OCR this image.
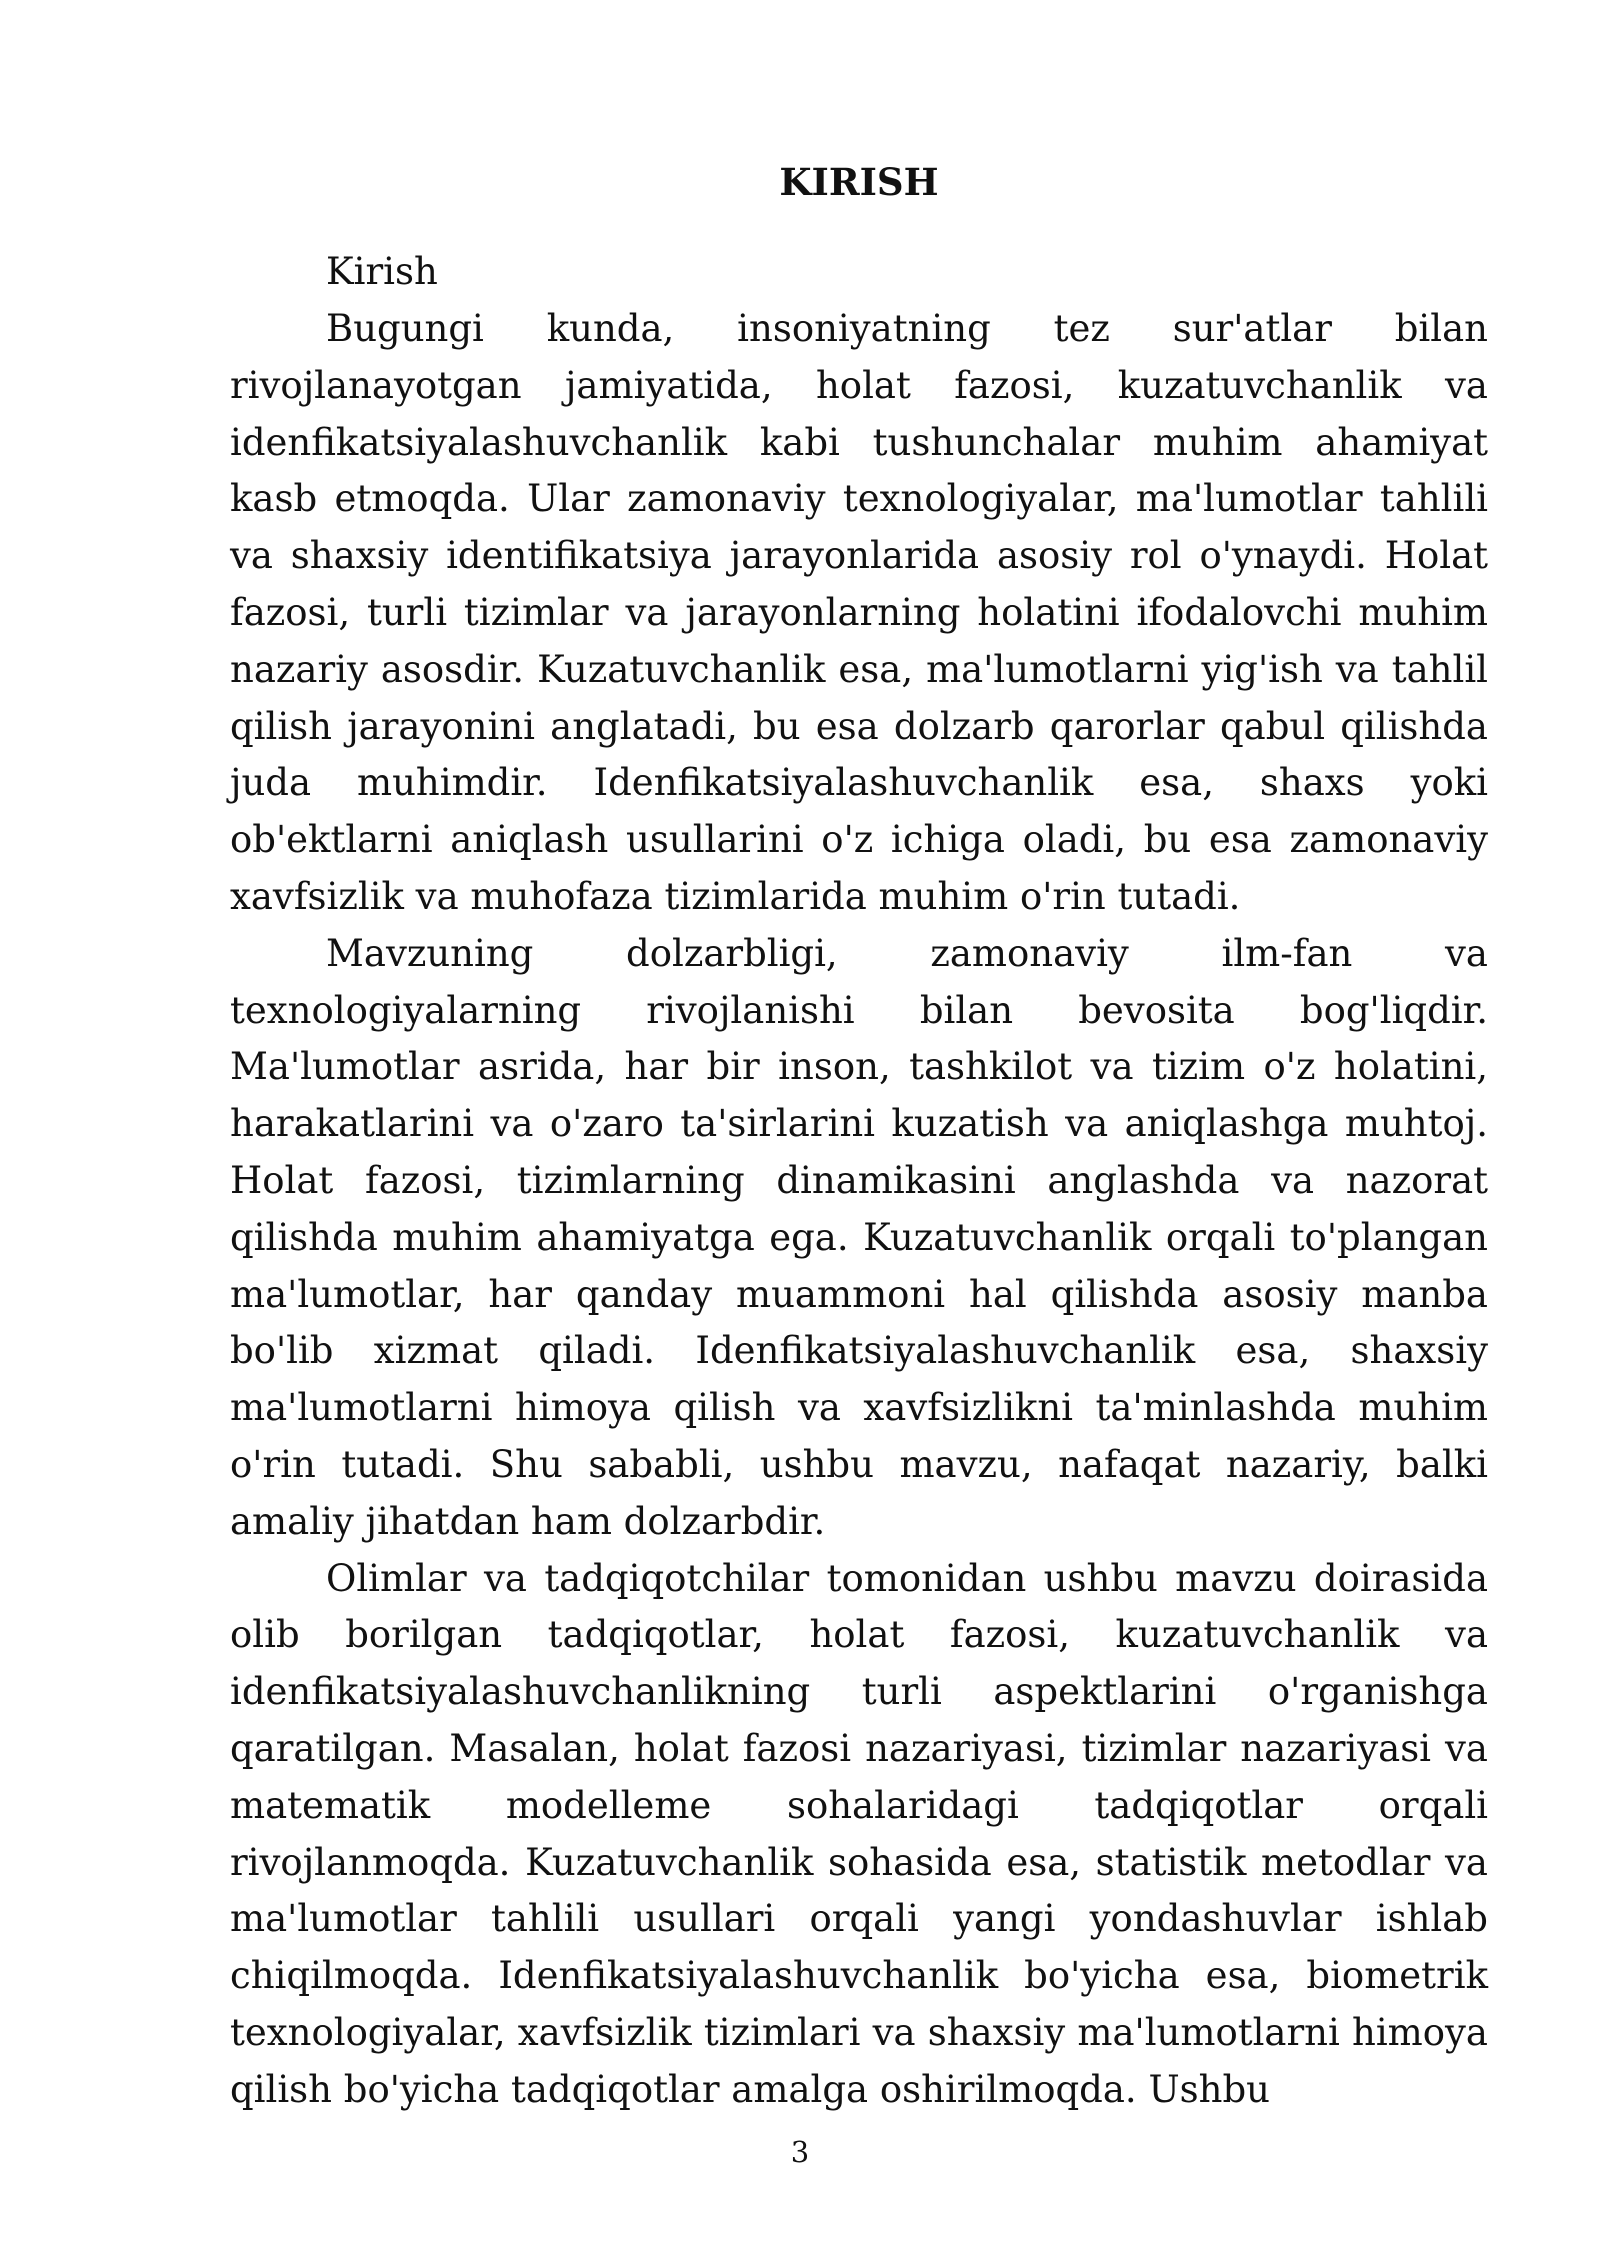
KIRISH
Kirish

Bugungi kunda, insoniyatning tez sur'atlar bilan rivojlanayotgan jamiyatida, holat fazosi, kuzatuvchanlik va idenfikatsiyalashuvchanlik kabi tushunchalar muhim ahamiyat kasb etmoqda. Ular zamonaviy texnologiyalar, ma'lumotlar tahlili va shaxsiy identifikatsiya jarayonlarida asosiy rol o'ynaydi. Holat fazosi, turli tizimlar va jarayonlarning holatini ifodalovchi muhim nazariy asosdir. Kuzatuvchanlik esa, ma'lumotlarni yig'ish va tahlil qilish jarayonini anglatadi, bu esa dolzarb qarorlar qabul qilishda juda muhimdir. Idenfikatsiyalashuvchanlik esa, shaxs yoki ob'ektlarni aniqlash usullarini o'z ichiga oladi, bu esa zamonaviy xavfsizlik va muhofaza tizimlarida muhim o'rin tutadi.

Mavzuning dolzarbligi, zamonaviy ilm-fan va texnologiyalarning rivojlanishi bilan bevosita bog'liqdir. Ma'lumotlar asrida, har bir inson, tashkilot va tizim o'z holatini, harakatlarini va o'zaro ta'sirlarini kuzatish va aniqlashga muhtoj. Holat fazosi, tizimlarning dinamikasini anglashda va nazorat qilishda muhim ahamiyatga ega. Kuzatuvchanlik orqali to'plangan ma'lumotlar, har qanday muammoni hal qilishda asosiy manba bo'lib xizmat qiladi. Idenfikatsiyalashuvchanlik esa, shaxsiy ma'lumotlarni himoya qilish va xavfsizlikni ta'minlashda muhim o'rin tutadi. Shu sababli, ushbu mavzu, nafaqat nazariy, balki amaliy jihatdan ham dolzarbdir.

Olimlar va tadqiqotchilar tomonidan ushbu mavzu doirasida olib borilgan tadqiqotlar, holat fazosi, kuzatuvchanlik va idenfikatsiyalashuvchanlikning turli aspektlarini o'rganishga qaratilgan. Masalan, holat fazosi nazariyasi, tizimlar nazariyasi va matematik modelleme sohalaridagi tadqiqotlar orqali rivojlanmoqda. Kuzatuvchanlik sohasida esa, statistik metodlar va ma'lumotlar tahlili usullari orqali yangi yondashuvlar ishlab chiqilmoqda. Idenfikatsiyalashuvchanlik bo'yicha esa, biometrik texnologiyalar, xavfsizlik tizimlari va shaxsiy ma'lumotlarni himoya qilish bo'yicha tadqiqotlar amalga oshirilmoqda. Ushbu

3
